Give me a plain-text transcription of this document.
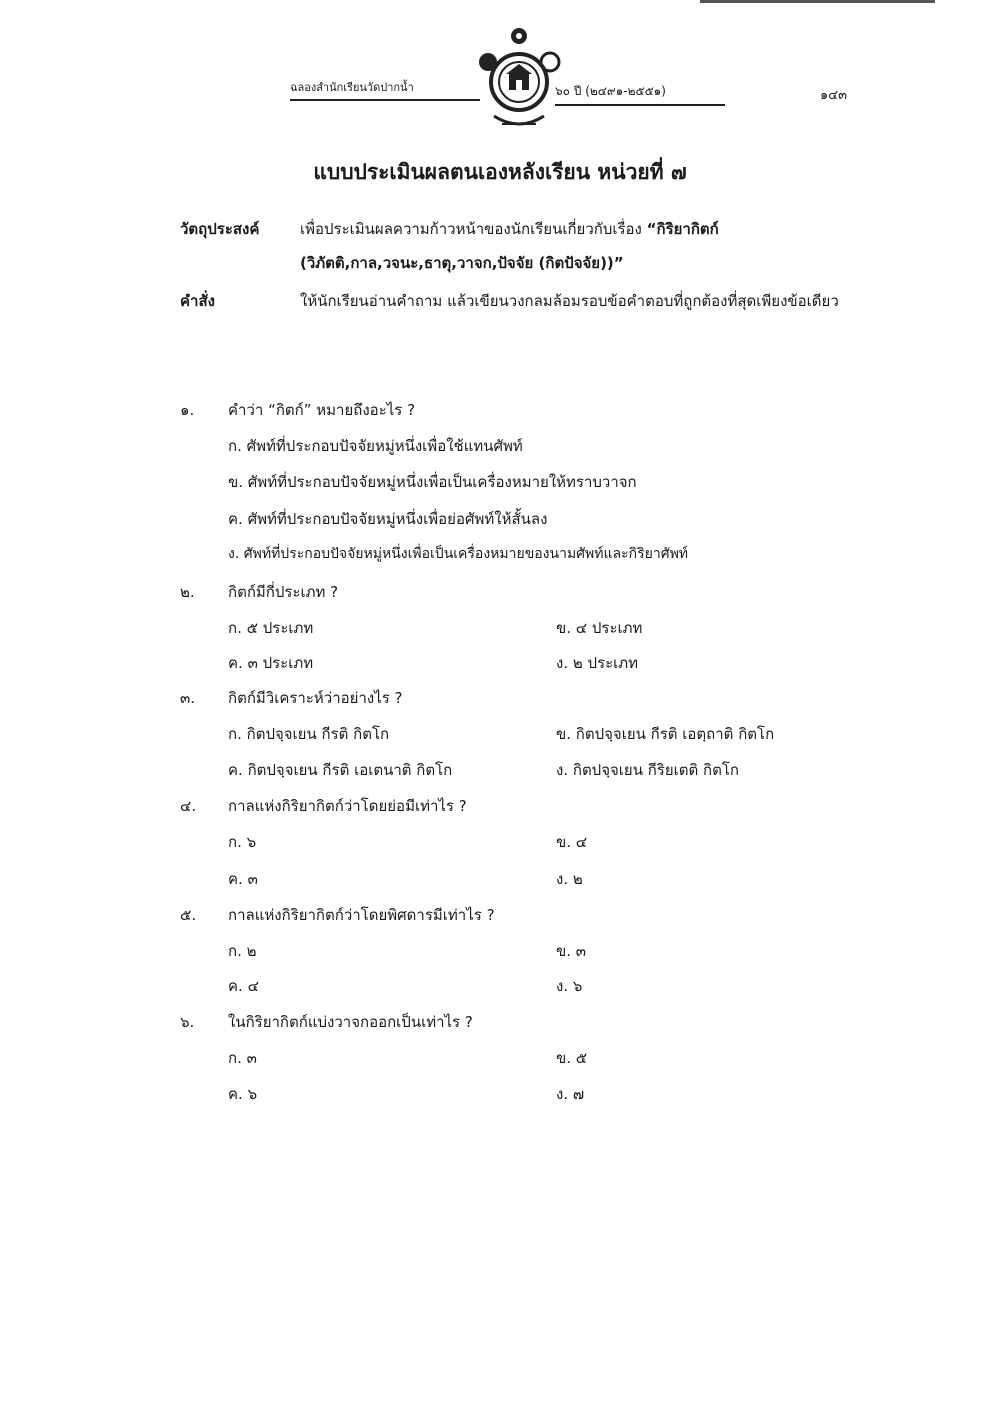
ฉลองสำนักเรียนวัดปากน้ำ	๖๐ ปี (๒๔๙๑-๒๕๕๑)	๑๔๓
แบบประเมินผลตนเองหลังเรียน หน่วยที่ ๗
วัตถุประสงค์	เพื่อประเมินผลความก้าวหน้าของนักเรียนเกี่ยวกับเรื่อง “กิริยากิตก์ (วิภัตติ,กาล,วจนะ,ธาตุ,วาจก,ปัจจัย (กิตปัจจัย))”
คำสั่ง	ให้นักเรียนอ่านคำถาม แล้วเขียนวงกลมล้อมรอบข้อคำตอบที่ถูกต้องที่สุดเพียงข้อเดียว
๑. คำว่า “กิตก์” หมายถึงอะไร ?
ก. ศัพท์ที่ประกอบปัจจัยหมู่หนึ่งเพื่อใช้แทนศัพท์
ข. ศัพท์ที่ประกอบปัจจัยหมู่หนึ่งเพื่อเป็นเครื่องหมายให้ทราบวาจก
ค. ศัพท์ที่ประกอบปัจจัยหมู่หนึ่งเพื่อย่อศัพท์ให้สั้นลง
ง. ศัพท์ที่ประกอบปัจจัยหมู่หนึ่งเพื่อเป็นเครื่องหมายของนามศัพท์และกิริยาศัพท์
๒. กิตก์มีกี่ประเภท ?
ก. ๕ ประเภท	ข. ๔ ประเภท
ค. ๓ ประเภท	ง. ๒ ประเภท
๓. กิตก์มีวิเคราะห์ว่าอย่างไร ?
ก. กิตปจฺจเยน กีรติ กิตโก	ข. กิตปจฺจเยน กีรติ เอตฺถาติ กิตโก
ค. กิตปจฺจเยน กีรติ เอเตนาติ กิตโก	ง. กิตปจฺจเยน กีริยเตติ กิตโก
๔. กาลแห่งกิริยากิตก์ว่าโดยย่อมีเท่าไร ?
ก. ๖	ข. ๔
ค. ๓	ง. ๒
๕. กาลแห่งกิริยากิตก์ว่าโดยพิศดารมีเท่าไร ?
ก. ๒	ข. ๓
ค. ๔	ง. ๖
๖. ในกิริยากิตก์แบ่งวาจกออกเป็นเท่าไร ?
ก. ๓	ข. ๕
ค. ๖	ง. ๗
